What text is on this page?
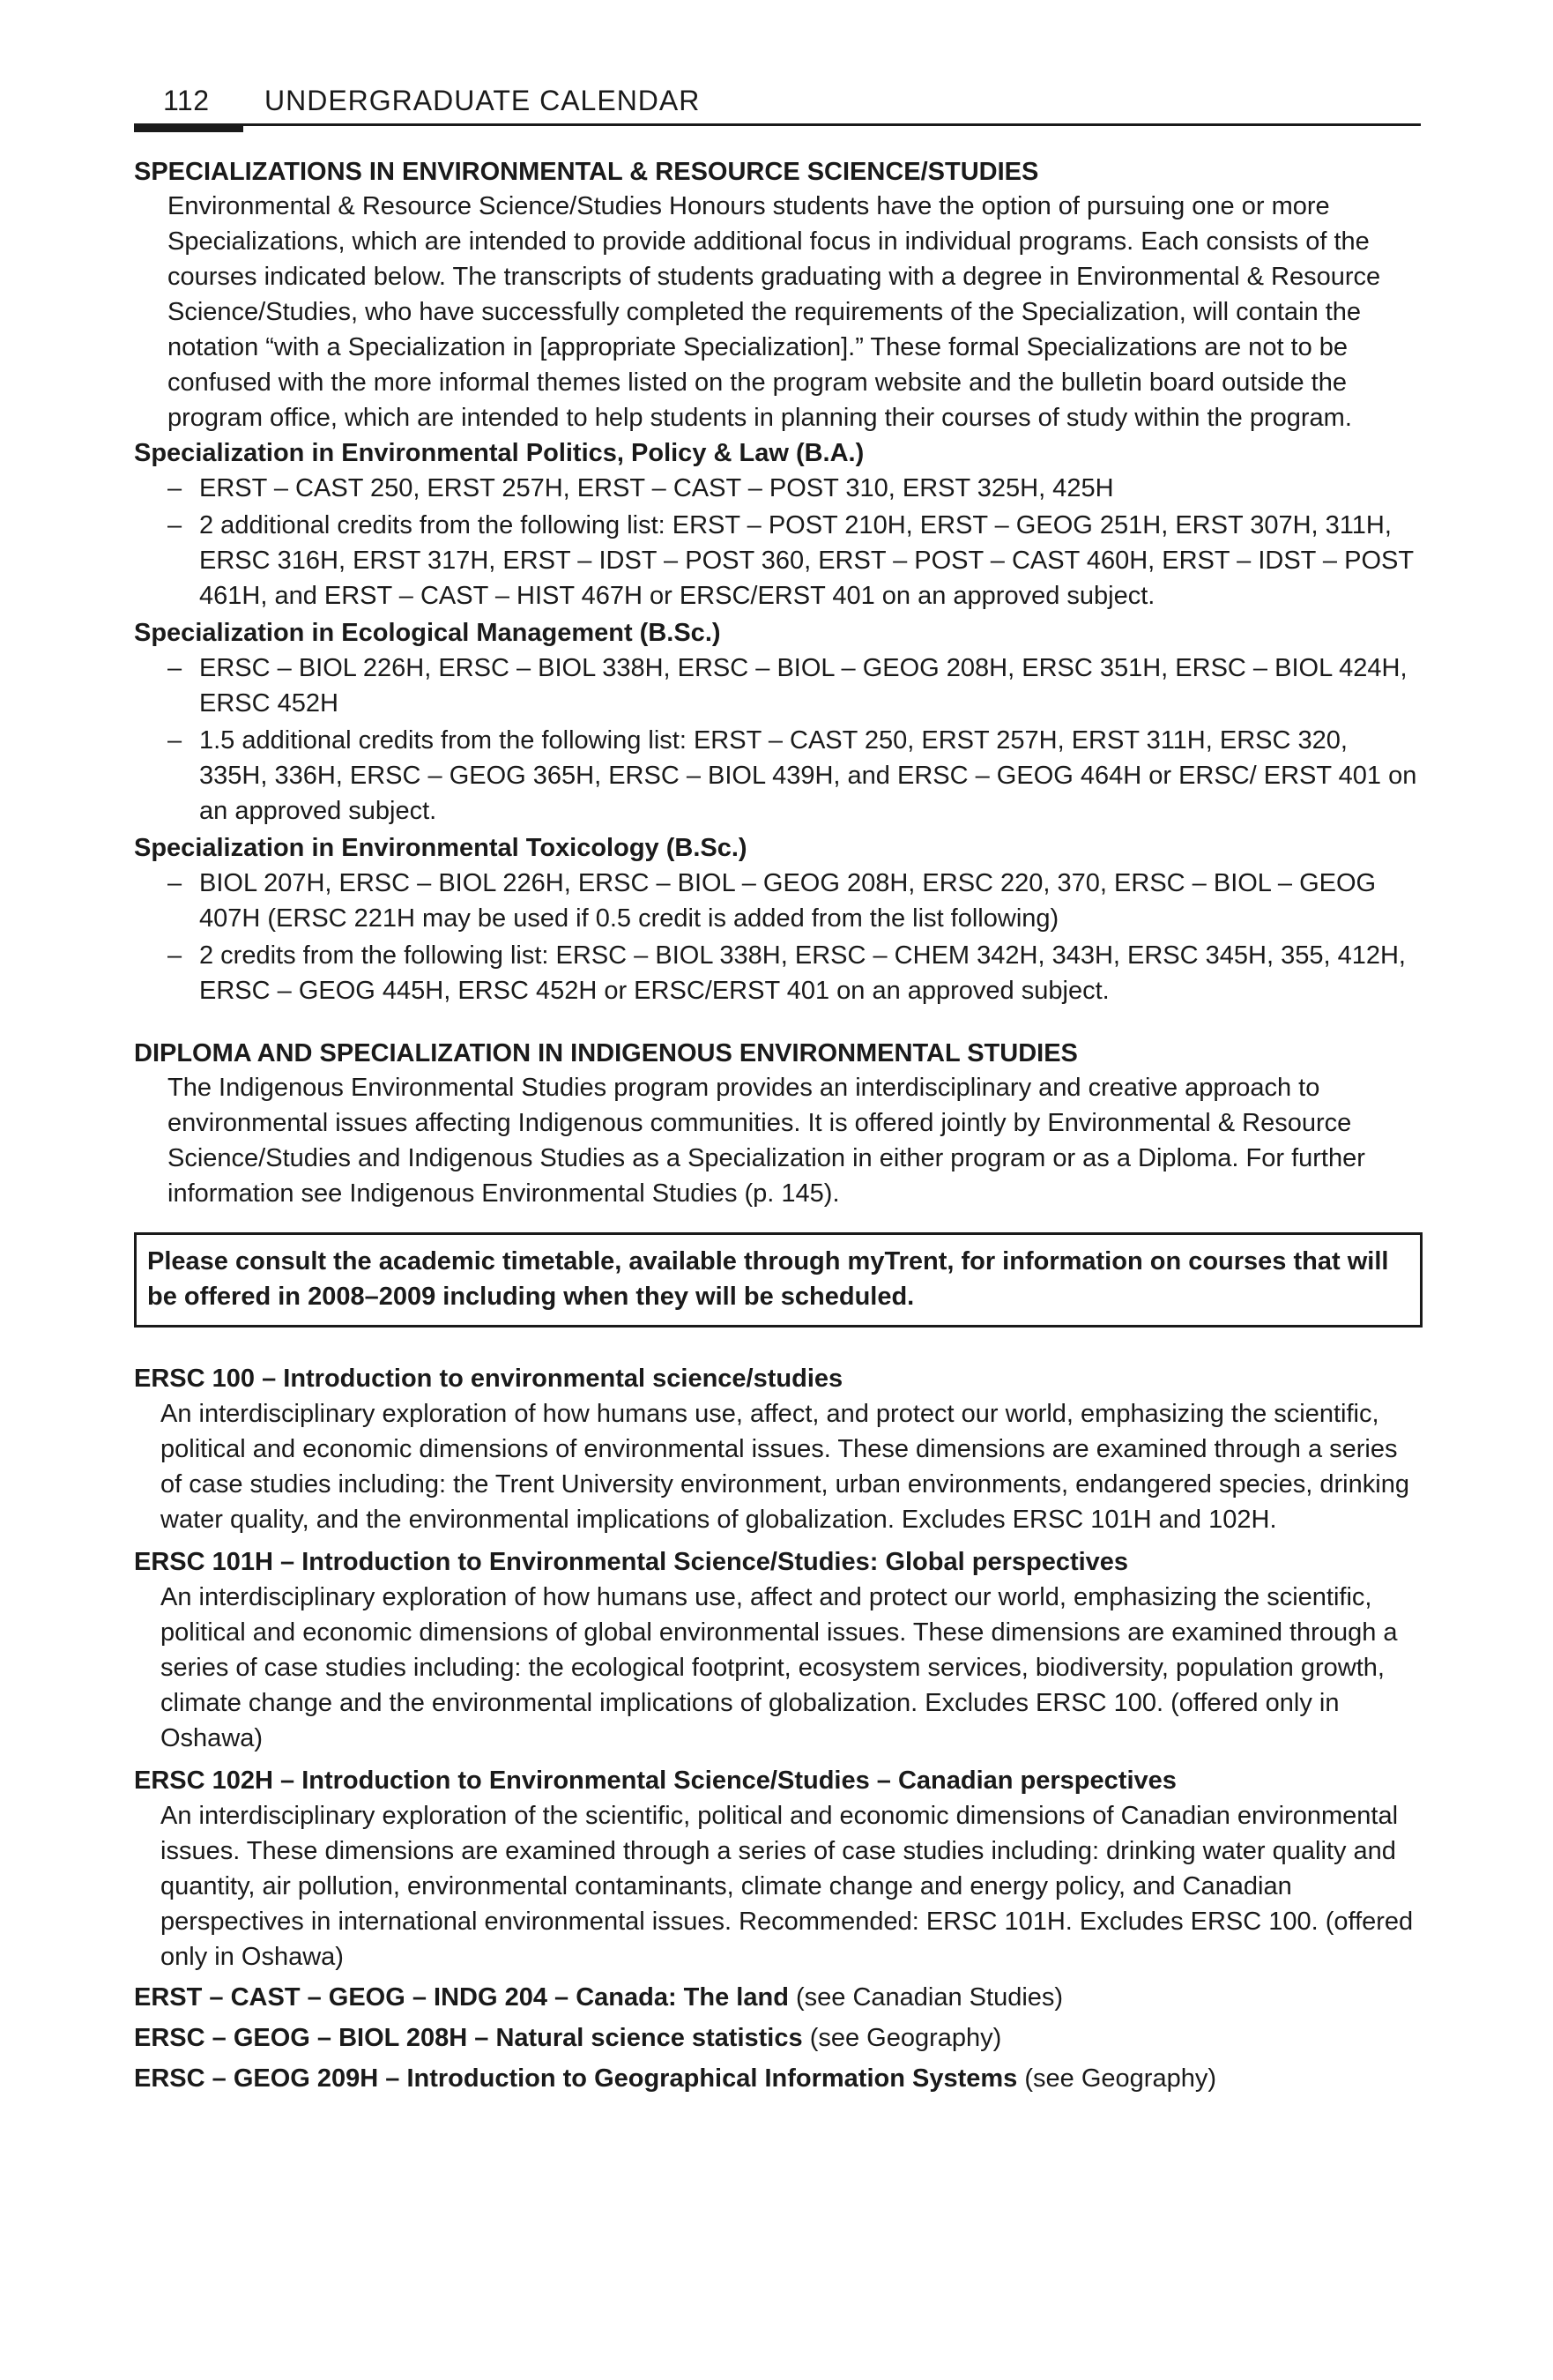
112 UNDERGRADUATE CALENDAR
SPECIALIZATIONS IN ENVIRONMENTAL & RESOURCE SCIENCE/STUDIES

Environmental & Resource Science/Studies Honours students have the option of pursuing one or more Specializations, which are intended to provide additional focus in individual programs. Each consists of the courses indicated below. The transcripts of students graduating with a degree in Environmental & Resource Science/Studies, who have successfully completed the requirements of the Specialization, will contain the notation “with a Specialization in [appropriate Specialization].” These formal Specializations are not to be confused with the more informal themes listed on the program website and the bulletin board outside the program office, which are intended to help students in planning their courses of study within the program.

Specialization in Environmental Politics, Policy & Law (B.A.)
– ERST – CAST 250, ERST 257H, ERST – CAST – POST 310, ERST 325H, 425H
– 2 additional credits from the following list: ERST – POST 210H, ERST – GEOG 251H, ERST 307H, 311H, ERSC 316H, ERST 317H, ERST – IDST – POST 360, ERST – POST – CAST 460H, ERST – IDST – POST 461H, and ERST – CAST – HIST 467H or ERSC/ERST 401 on an approved subject.
Specialization in Ecological Management (B.Sc.)
– ERSC – BIOL 226H, ERSC – BIOL 338H, ERSC – BIOL – GEOG 208H, ERSC 351H, ERSC – BIOL 424H, ERSC 452H
– 1.5 additional credits from the following list: ERST – CAST 250, ERST 257H, ERST 311H, ERSC 320, 335H, 336H, ERSC – GEOG 365H, ERSC – BIOL 439H, and ERSC – GEOG 464H or ERSC/ ERST 401 on an approved subject.
Specialization in Environmental Toxicology (B.Sc.)
– BIOL 207H, ERSC – BIOL 226H, ERSC – BIOL – GEOG 208H, ERSC 220, 370, ERSC – BIOL – GEOG 407H (ERSC 221H may be used if 0.5 credit is added from the list following)
– 2 credits from the following list: ERSC – BIOL 338H, ERSC – CHEM 342H, 343H, ERSC 345H, 355, 412H, ERSC – GEOG 445H, ERSC 452H or ERSC/ERST 401 on an approved subject.
DIPLOMA AND SPECIALIZATION IN INDIGENOUS ENVIRONMENTAL STUDIES

The Indigenous Environmental Studies program provides an interdisciplinary and creative approach to environmental issues affecting Indigenous communities. It is offered jointly by Environmental & Resource Science/Studies and Indigenous Studies as a Specialization in either program or as a Diploma. For further information see Indigenous Environmental Studies (p. 145).

Please consult the academic timetable, available through myTrent, for information on courses that will be offered in 2008–2009 including when they will be scheduled.
ERSC 100 – Introduction to environmental science/studies

An interdisciplinary exploration of how humans use, affect, and protect our world, emphasizing the scientific, political and economic dimensions of environmental issues. These dimensions are examined through a series of case studies including: the Trent University environment, urban environments, endangered species, drinking water quality, and the environmental implications of globalization. Excludes ERSC 101H and 102H.

ERSC 101H – Introduction to Environmental Science/Studies: Global perspectives

An interdisciplinary exploration of how humans use, affect and protect our world, emphasizing the scientific, political and economic dimensions of global environmental issues. These dimensions are examined through a series of case studies including: the ecological footprint, ecosystem services, biodiversity, population growth, climate change and the environmental implications of globalization. Excludes ERSC 100. (offered only in Oshawa)

ERSC 102H – Introduction to Environmental Science/Studies – Canadian perspectives

An interdisciplinary exploration of the scientific, political and economic dimensions of Canadian environmental issues. These dimensions are examined through a series of case studies including: drinking water quality and quantity, air pollution, environmental contaminants, climate change and energy policy, and Canadian perspectives in international environmental issues. Recommended: ERSC 101H. Excludes ERSC 100. (offered only in Oshawa)

ERST – CAST – GEOG – INDG 204 – Canada: The land (see Canadian Studies)

ERSC – GEOG – BIOL 208H – Natural science statistics (see Geography)

ERSC – GEOG 209H – Introduction to Geographical Information Systems (see Geography)
